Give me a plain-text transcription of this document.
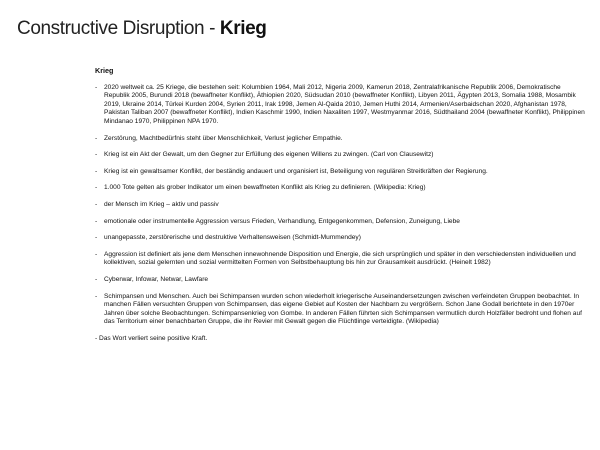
Constructive Disruption - Krieg
Krieg
- 2020 weltweit ca. 25 Kriege, die bestehen seit: Kolumbien 1964, Mali 2012, Nigeria 2009, Kamerun 2018, Zentralafrikanische Republik 2006, Demokratische Republik 2005, Burundi 2018 (bewaffneter Konflikt), Äthiopien 2020, Südsudan 2010 (bewaffneter Konflikt), Libyen 2011, Ägypten 2013, Somalia 1988, Mosambik 2019, Ukraine 2014, Türkei Kurden 2004, Syrien 2011, Irak 1998, Jemen Al-Qaida 2010, Jemen Huthi 2014, Armenien/Aserbaidschan 2020, Afghanistan 1978, Pakistan Taliban 2007 (bewaffneter Konflikt), Indien Kaschmir 1990, Indien Naxaliten 1997, Westmyanmar 2016, Südthailand 2004 (bewaffneter Konflikt), Philippinen Mindanao 1970, Philippinen NPA 1970.
- Zerstörung, Machtbedürfnis steht über Menschlichkeit, Verlust jeglicher Empathie.
- Krieg ist ein Akt der Gewalt, um den Gegner zur Erfüllung des eigenen Willens zu zwingen. (Carl von Clausewitz)
- Krieg ist ein gewaltsamer Konflikt, der beständig andauert und organisiert ist, Beteiligung von regulären Streitkräften der Regierung.
- 1.000 Tote gelten als grober Indikator um einen bewaffneten Konflikt als Krieg zu definieren. (Wikipedia: Krieg)
- der Mensch im Krieg – aktiv und passiv
- emotionale oder instrumentelle Aggression versus Frieden, Verhandlung, Entgegenkommen, Defension, Zuneigung, Liebe
- unangepasste, zerstörerische und destruktive Verhaltensweisen (Schmidt-Mummendey)
- Aggression ist definiert als jene dem Menschen innewohnende Disposition und Energie, die sich ursprünglich und später in den verschiedensten individuellen und kollektiven, sozial gelernten und sozial vermittelten Formen von Selbstbehauptung bis hin zur Grausamkeit ausdrückt. (Heinelt 1982)
- Cyberwar, Infowar, Netwar, Lawfare
- Schimpansen und Menschen. Auch bei Schimpansen wurden schon wiederholt kriegerische Auseinandersetzungen zwischen verfeindeten Gruppen beobachtet. In manchen Fällen versuchten Gruppen von Schimpansen, das eigene Gebiet auf Kosten der Nachbarn zu vergrößern. Schon Jane Godall berichtete in den 1970er Jahren über solche Beobachtungen. Schimpansenkrieg von Gombe. In anderen Fällen führten sich Schimpansen vermutlich durch Holzfäller bedroht und flohen auf das Territorium einer benachbarten Gruppe, die ihr Revier mit Gewalt gegen die Flüchtlinge verteidigte. (Wikipedia)
- Das Wort verliert seine positive Kraft.
